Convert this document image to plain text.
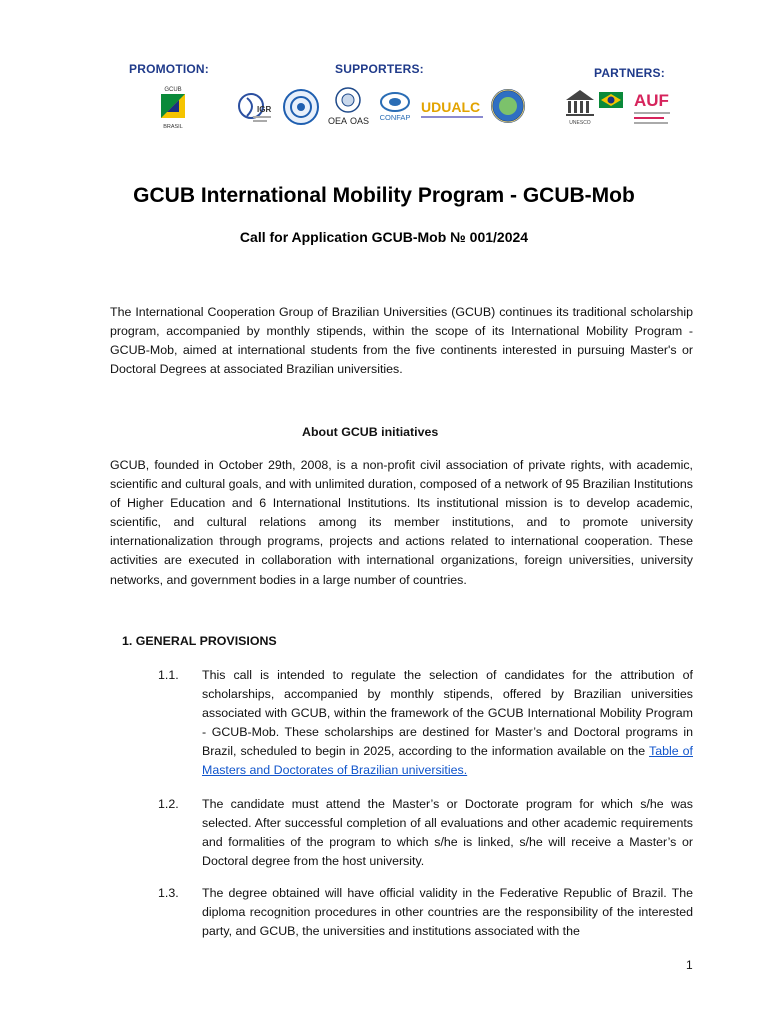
PROMOTION:	SUPPORTERS:	PARTNERS:
GCUB
BRASIL
IGR
OEA OAS CONFAP
UDUALC
UNESCO
AUF
GCUB International Mobility Program - GCUB-Mob
Call for Application GCUB-Mob № 001/2024

The International Cooperation Group of Brazilian Universities (GCUB) continues its traditional scholarship program, accompanied by monthly stipends, within the scope of its International Mobility Program - GCUB-Mob, aimed at international students from the five continents interested in pursuing Master's or Doctoral Degrees at associated Brazilian universities.

About GCUB initiatives

GCUB, founded in October 29th, 2008, is a non-profit civil association of private rights, with academic, scientific and cultural goals, and with unlimited duration, composed of a network of 95 Brazilian Institutions of Higher Education and 6 International Institutions. Its institutional mission is to develop academic, scientific, and cultural relations among its member institutions, and to promote university internationalization through programs, projects and actions related to international cooperation. These activities are executed in collaboration with international organizations, foreign universities, university networks, and government bodies in a large number of countries.

1. GENERAL PROVISIONS
1.1.	This call is intended to regulate the selection of candidates for the attribution of scholarships, accompanied by monthly stipends, offered by Brazilian universities associated with GCUB, within the framework of the GCUB International Mobility Program - GCUB-Mob. These scholarships are destined for Master’s and Doctoral programs in Brazil, scheduled to begin in 2025, according to the information available on the Table of Masters and Doctorates of Brazilian universities.

1.2.	The candidate must attend the Master’s or Doctorate program for which s/he was selected. After successful completion of all evaluations and other academic requirements and formalities of the program to which s/he is linked, s/he will receive a Master’s or Doctoral degree from the host university.

1.3.	The degree obtained will have official validity in the Federative Republic of Brazil. The diploma recognition procedures in other countries are the responsibility of the interested party, and GCUB, the universities and institutions associated with the

1
